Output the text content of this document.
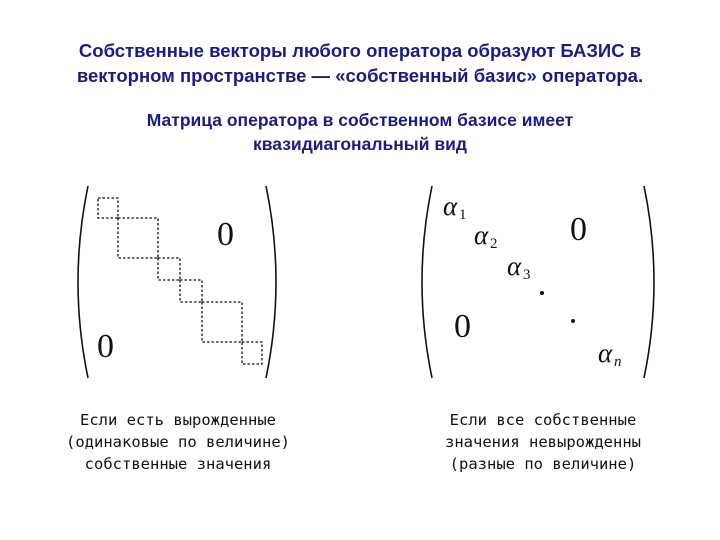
Собственные векторы любого оператора образуют БАЗИС в
векторном пространстве — «собственный базис» оператора.
Матрица оператора в собственном базисе имеет
квазидиагональный вид
0
0
α 1
α 2
α 3
α n
0
0
Если есть вырожденные
(одинаковые по величине)
собственные значения
Если все собственные
значения невырожденны
(разные по величине)
